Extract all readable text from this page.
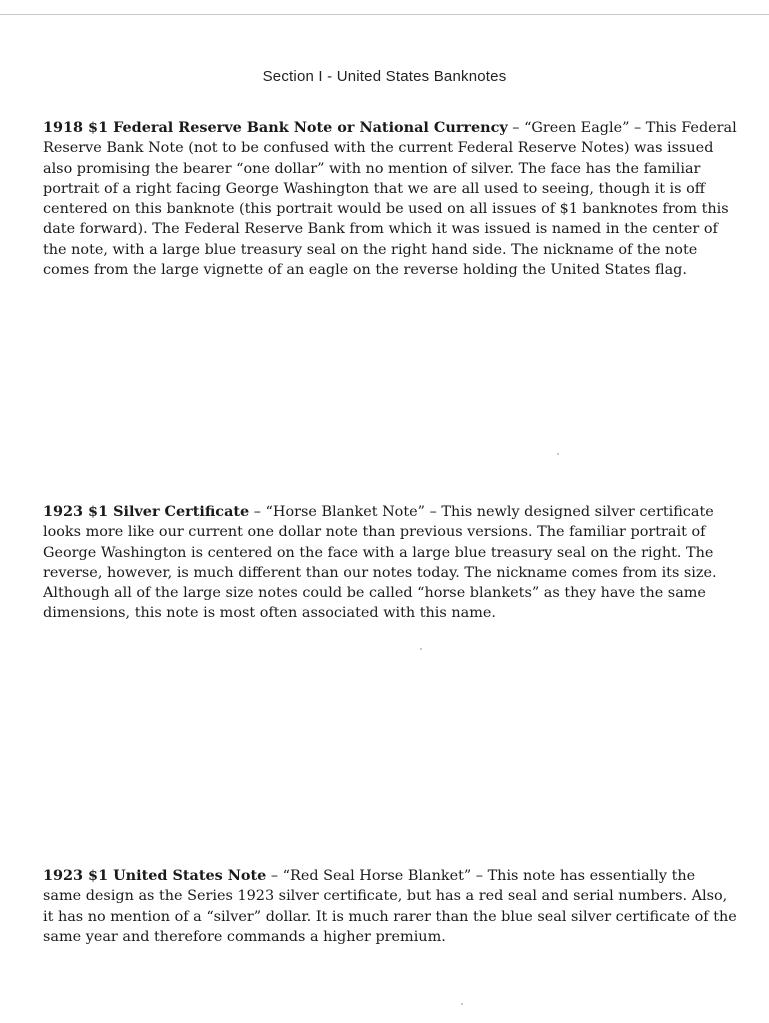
Section I - United States Banknotes

1918 $1 Federal Reserve Bank Note or National Currency – “Green Eagle” – This Federal Reserve Bank Note (not to be confused with the current Federal Reserve Notes) was issued also promising the bearer “one dollar” with no mention of silver. The face has the familiar portrait of a right facing George Washington that we are all used to seeing, though it is off centered on this banknote (this portrait would be used on all issues of $1 banknotes from this date forward). The Federal Reserve Bank from which it was issued is named in the center of the note, with a large blue treasury seal on the right hand side. The nickname of the note comes from the large vignette of an eagle on the reverse holding the United States flag.

1923 $1 Silver Certificate – “Horse Blanket Note” – This newly designed silver certificate looks more like our current one dollar note than previous versions. The familiar portrait of George Washington is centered on the face with a large blue treasury seal on the right. The reverse, however, is much different than our notes today. The nickname comes from its size. Although all of the large size notes could be called “horse blankets” as they have the same dimensions, this note is most often associated with this name.

1923 $1 United States Note – “Red Seal Horse Blanket” – This note has essentially the same design as the Series 1923 silver certificate, but has a red seal and serial numbers. Also, it has no mention of a “silver” dollar. It is much rarer than the blue seal silver certificate of the same year and therefore commands a higher premium.
